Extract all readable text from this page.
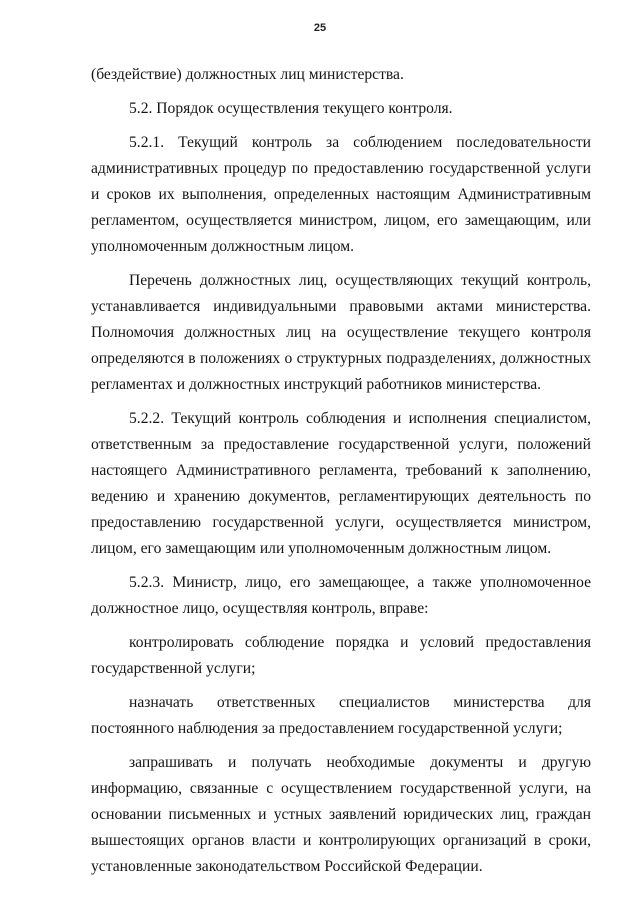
25

(бездействие) должностных лиц министерства.

5.2. Порядок осуществления текущего контроля.

5.2.1. Текущий контроль за соблюдением последовательности административных процедур по предоставлению государственной услуги и сроков их выполнения, определенных настоящим Административным регламентом, осуществляется министром, лицом, его замещающим, или уполномоченным должностным лицом.

Перечень должностных лиц, осуществляющих текущий контроль, устанавливается индивидуальными правовыми актами министерства. Полномочия должностных лиц на осуществление текущего контроля определяются в положениях о структурных подразделениях, должностных регламентах и должностных инструкций работников министерства.

5.2.2. Текущий контроль соблюдения и исполнения специалистом, ответственным за предоставление государственной услуги, положений настоящего Административного регламента, требований к заполнению, ведению и хранению документов, регламентирующих деятельность по предоставлению государственной услуги, осуществляется министром, лицом, его замещающим или уполномоченным должностным лицом.

5.2.3. Министр, лицо, его замещающее, а также уполномоченное должностное лицо, осуществляя контроль, вправе:

контролировать соблюдение порядка и условий предоставления государственной услуги;

назначать ответственных специалистов министерства для постоянного наблюдения за предоставлением государственной услуги;

запрашивать и получать необходимые документы и другую информацию, связанные с осуществлением государственной услуги, на основании письменных и устных заявлений юридических лиц, граждан вышестоящих органов власти и контролирующих организаций в сроки, установленные законодательством Российской Федерации.
